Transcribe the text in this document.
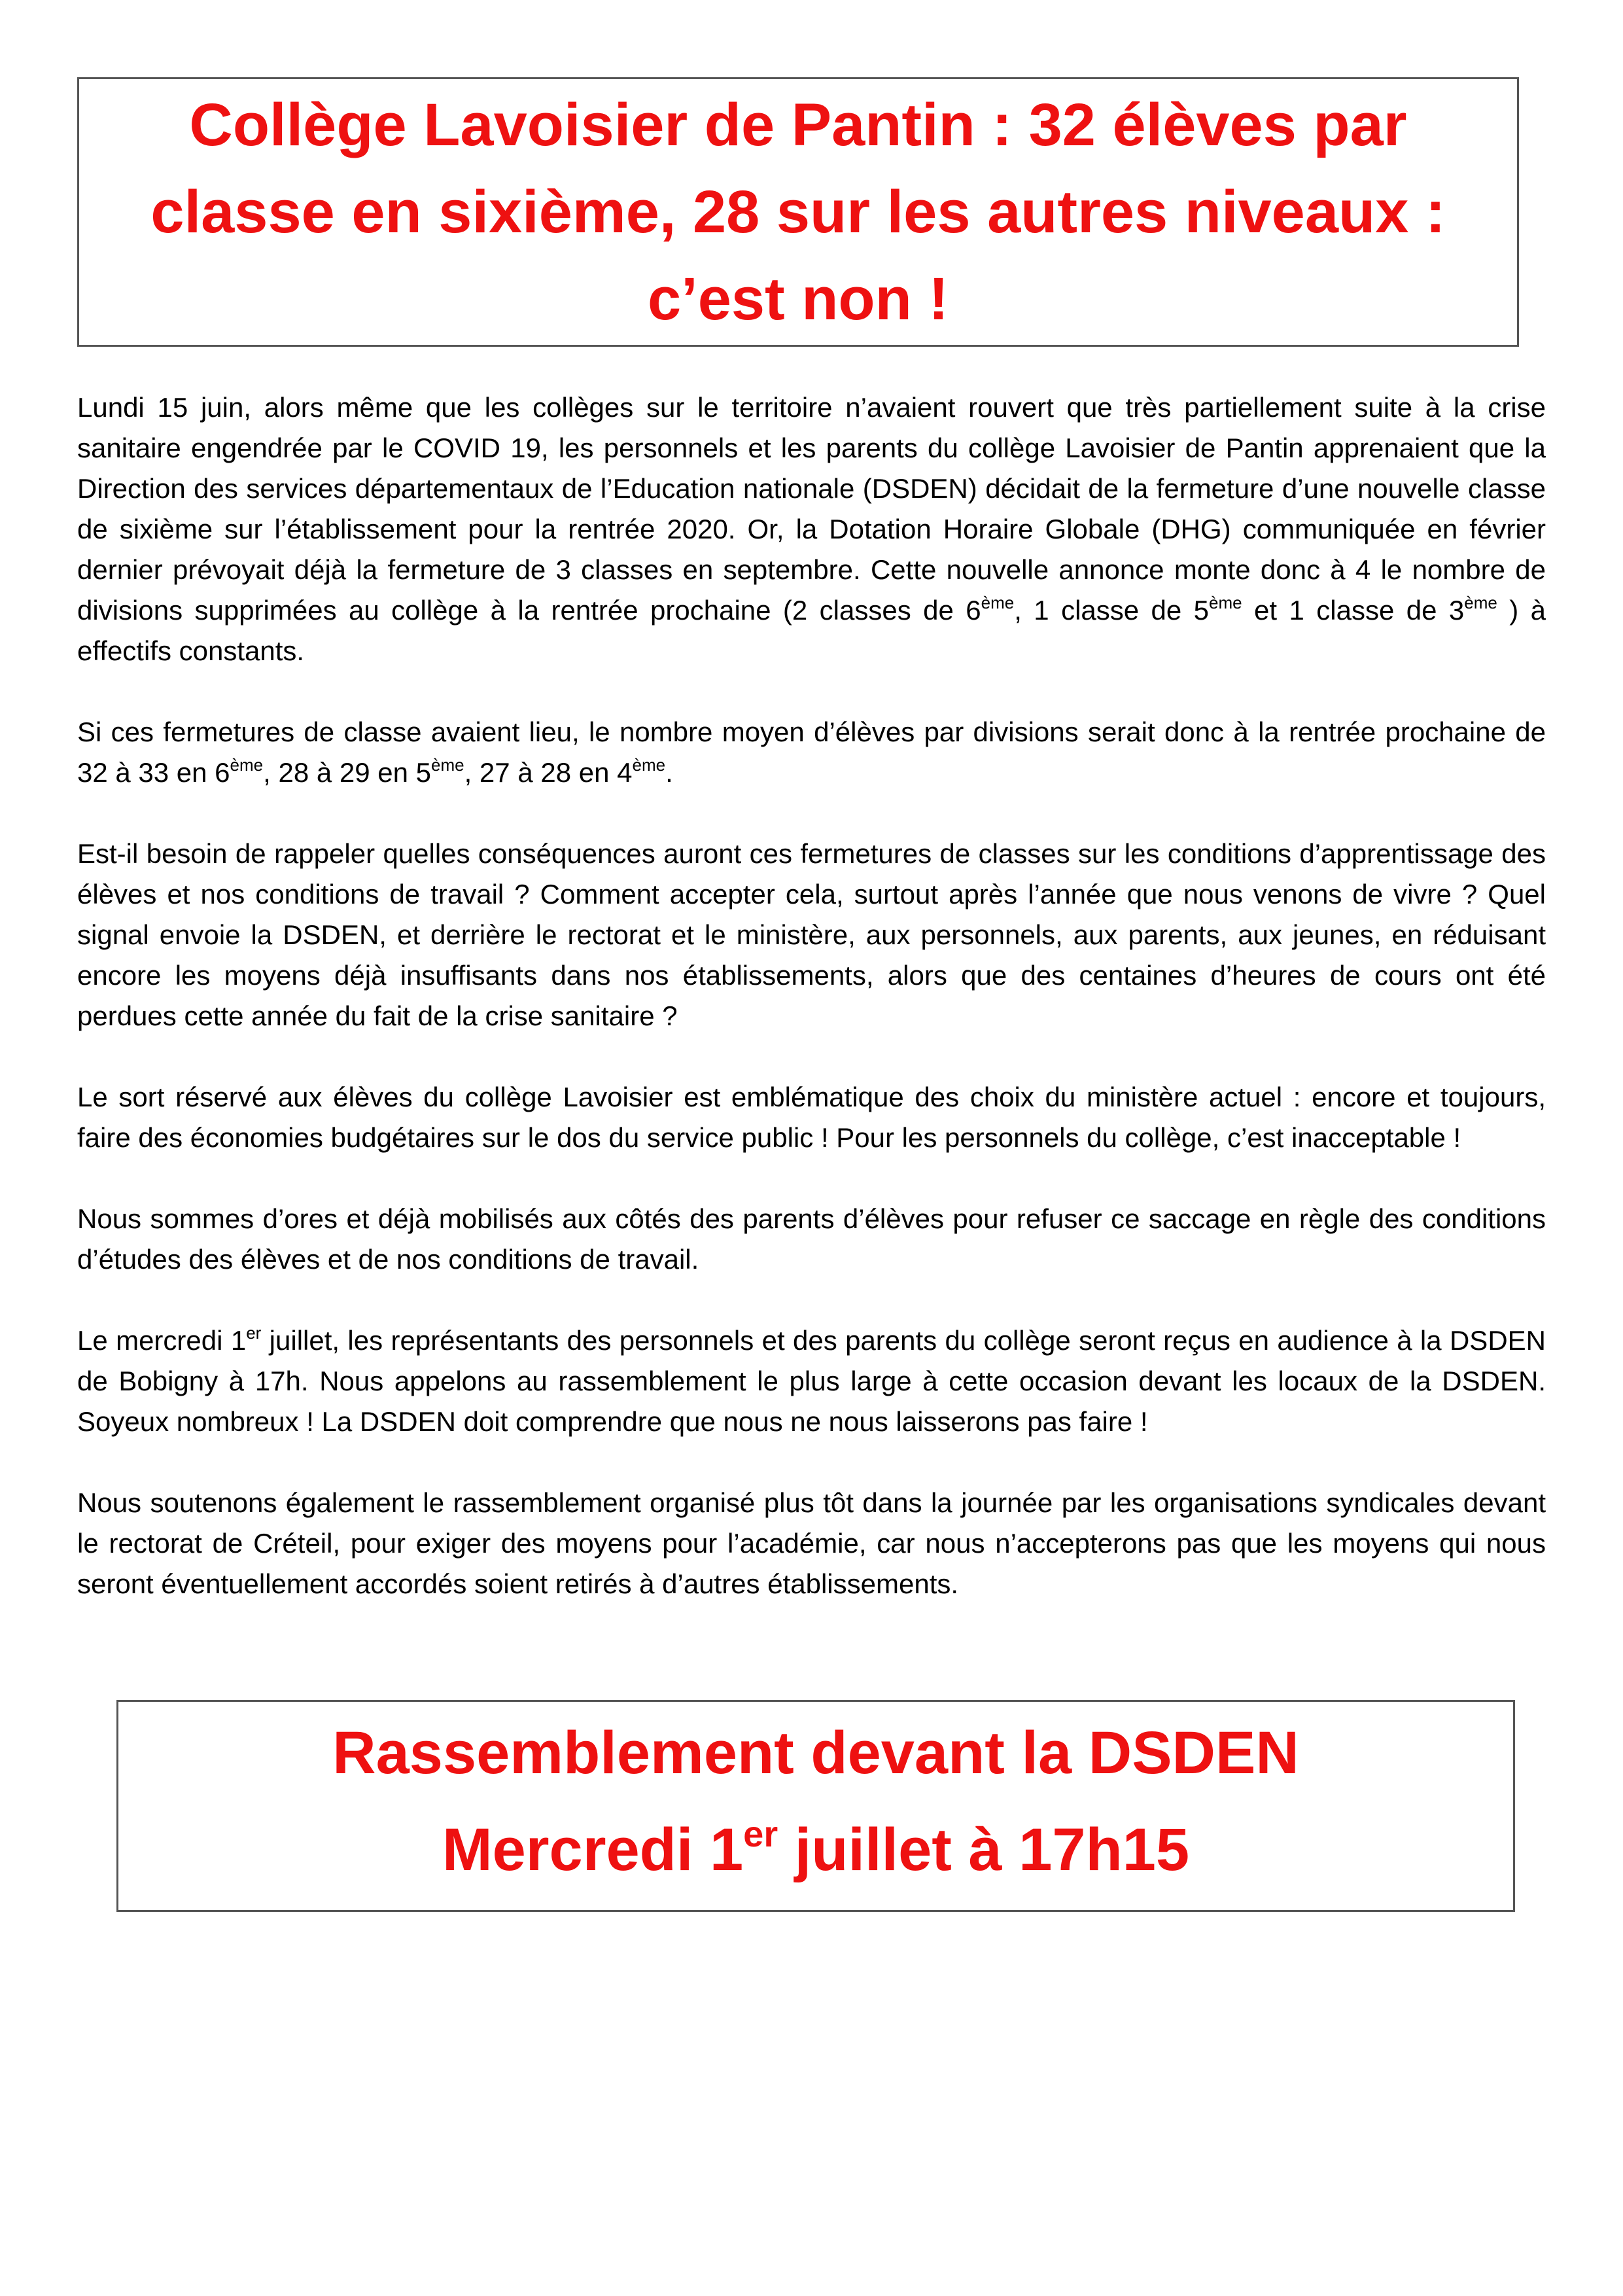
Collège Lavoisier de Pantin : 32 élèves par classe en sixième, 28 sur les autres niveaux : c’est non !

Lundi 15 juin, alors même que les collèges sur le territoire n’avaient rouvert que très partiellement suite à la crise sanitaire engendrée par le COVID 19, les personnels et les parents du collège Lavoisier de Pantin apprenaient que la Direction des services départementaux de l’Education nationale (DSDEN) décidait de la fermeture d’une nouvelle classe de sixième sur l’établissement pour la rentrée 2020. Or, la Dotation Horaire Globale (DHG) communiquée en février dernier prévoyait déjà la fermeture de 3 classes en septembre. Cette nouvelle annonce monte donc à 4 le nombre de divisions supprimées au collège à la rentrée prochaine (2 classes de 6ème, 1 classe de 5ème et 1 classe de 3ème ) à effectifs constants.

Si ces fermetures de classe avaient lieu, le nombre moyen d’élèves par divisions serait donc à la rentrée prochaine de 32 à 33 en 6ème, 28 à 29 en 5ème, 27 à 28 en 4ème.

Est-il besoin de rappeler quelles conséquences auront ces fermetures de classes sur les conditions d’apprentissage des élèves et nos conditions de travail ? Comment accepter cela, surtout après l’année que nous venons de vivre ? Quel signal envoie la DSDEN, et derrière le rectorat et le ministère, aux personnels, aux parents, aux jeunes, en réduisant encore les moyens déjà insuffisants dans nos établissements, alors que des centaines d’heures de cours ont été perdues cette année du fait de la crise sanitaire ?

Le sort réservé aux élèves du collège Lavoisier est emblématique des choix du ministère actuel : encore et toujours, faire des économies budgétaires sur le dos du service public ! Pour les personnels du collège, c’est inacceptable !

Nous sommes d’ores et déjà mobilisés aux côtés des parents d’élèves pour refuser ce saccage en règle des conditions d’études des élèves et de nos conditions de travail.

Le mercredi 1er juillet, les représentants des personnels et des parents du collège seront reçus en audience à la DSDEN de Bobigny à 17h. Nous appelons au rassemblement le plus large à cette occasion devant les locaux de la DSDEN. Soyeux nombreux ! La DSDEN doit comprendre que nous ne nous laisserons pas faire !

Nous soutenons également le rassemblement organisé plus tôt dans la journée par les organisations syndicales devant le rectorat de Créteil, pour exiger des moyens pour l’académie, car nous n’accepterons pas que les moyens qui nous seront éventuellement accordés soient retirés à d’autres établissements.

Rassemblement devant la DSDEN
Mercredi 1er juillet à 17h15
